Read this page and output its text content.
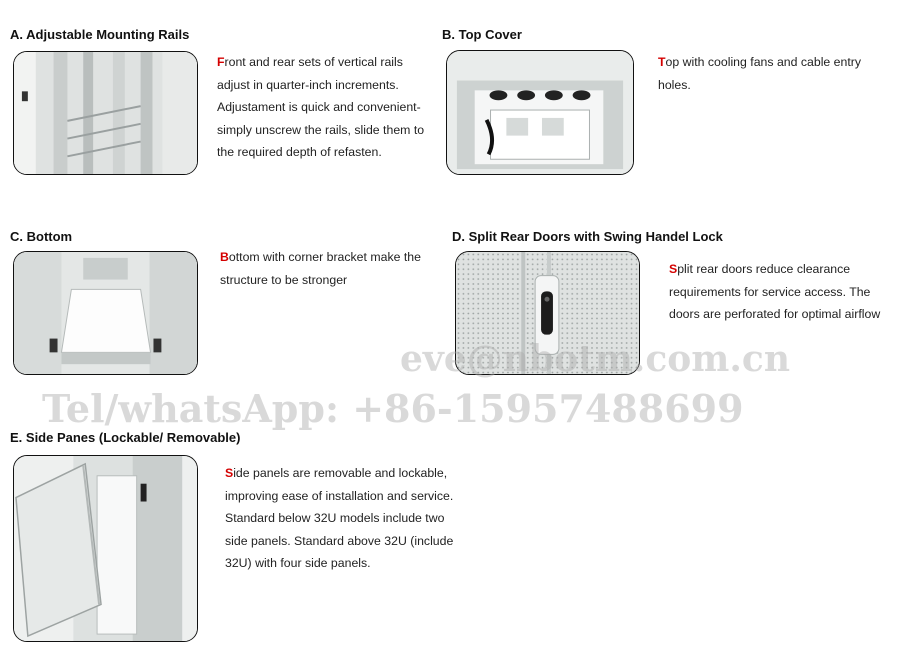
A. Adjustable Mounting Rails
Front and rear sets of vertical rails adjust in quarter-inch increments. Adjustament is quick and convenient-simply unscrew the rails, slide them to the required depth of refasten.
B. Top Cover
Top with cooling fans and cable entry holes.
C. Bottom
Bottom with corner bracket make the structure to be stronger
D. Split Rear Doors with Swing Handel Lock
Split rear doors reduce clearance requirements for service access. The doors are perforated for optimal airflow
E. Side Panes (Lockable/ Removable)
Side panels are removable and lockable, improving ease of installation and service. Standard below 32U models include two side panels. Standard above 32U (include 32U) with four side panels.
eve@nbotm.com.cn
Tel/whatsApp: +86-15957488699
